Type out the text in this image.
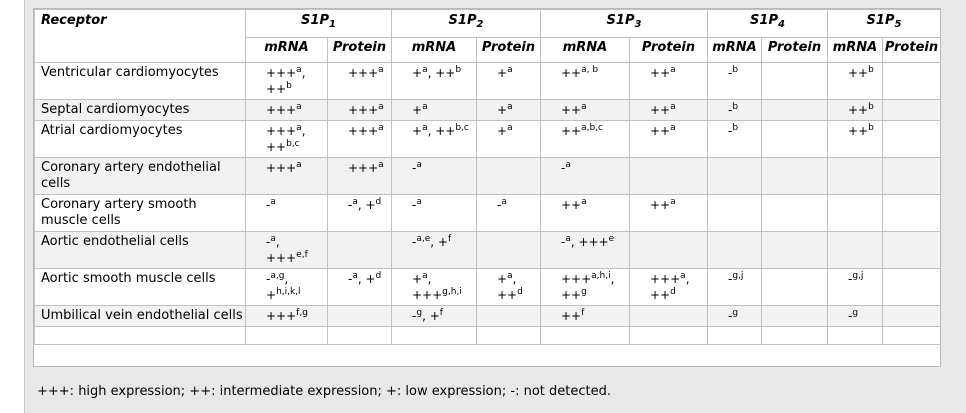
Receptor	$S1P_1$		$S1P_2$		$S1P_3$		$S1P_4$		$S1P_5$
	mRNA	Protein	mRNA	Protein	mRNA	Protein	mRNA	Protein	mRNA	Protein
Ventricular cardiomyocytes	+++$^a$, ++$^b$	+++$^a$	+$^a$, ++$^b$	+$^a$	++$^{a, b}$	++$^a$	-$^b$		++$^b$	
Septal cardiomyocytes	+++$^a$	+++$^a$	+$^a$	+$^a$	++$^a$	++$^a$	-$^b$		++$^b$	
Atrial cardiomyocytes	+++$^a$, ++$^{b,c}$	+++$^a$	+$^a$, ++$^{b,c}$	+$^a$	++$^{a,b,c}$	++$^a$	-$^b$		++$^b$	
Coronary artery endothelial cells	+++$^a$	+++$^a$	-$^a$		-$^a$					
Coronary artery smooth muscle cells	-$^a$	-$^a$, +$^d$	-$^a$	-$^a$	++$^a$	++$^a$				
Aortic endothelial cells	-$^a$, +++$^{e,f}$		-$^{a,e}$, +$^f$		-$^a$, +++$^e$					
Aortic smooth muscle cells	-$^{a,g}$, +$^{h,i,k,l}$	-$^a$, +$^d$	+$^a$, +++$^{g,h,i}$	+$^a$, ++$^d$	+++$^{a,h,i}$, ++$^g$	+++$^a$, ++$^d$	-$^{g,j}$		-$^{g,j}$	
Umbilical vein endothelial cells	+++$^{f,g}$		-$^g$, +$^f$		++$^f$		-$^g$		-$^g$	

+++: high expression; ++: intermediate expression; +: low expression; -: not detected.
